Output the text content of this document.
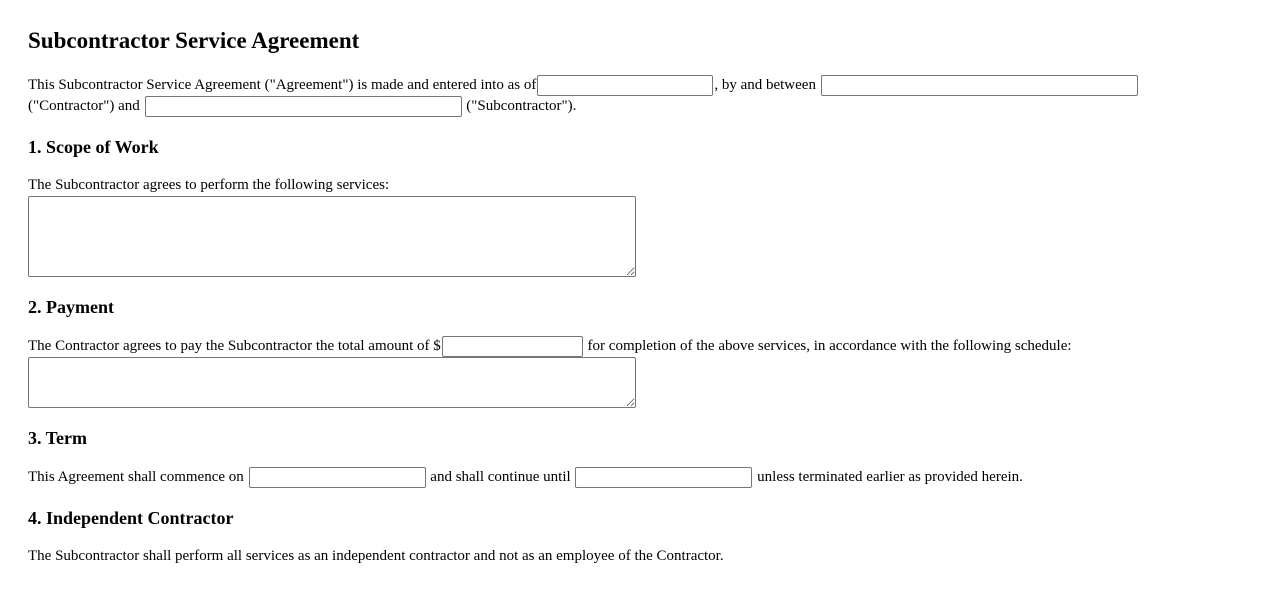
Subcontractor Service Agreement

This Subcontractor Service Agreement ("Agreement") is made and entered into as of	, by and between
("Contractor") and	("Subcontractor").

1. Scope of Work

The Subcontractor agrees to perform the following services:

2. Payment

The Contractor agrees to pay the Subcontractor the total amount of $	for completion of the above services, in accordance with the following schedule:

3. Term

This Agreement shall commence on	and shall continue until	unless terminated earlier as provided herein.

4. Independent Contractor

The Subcontractor shall perform all services as an independent contractor and not as an employee of the Contractor.
